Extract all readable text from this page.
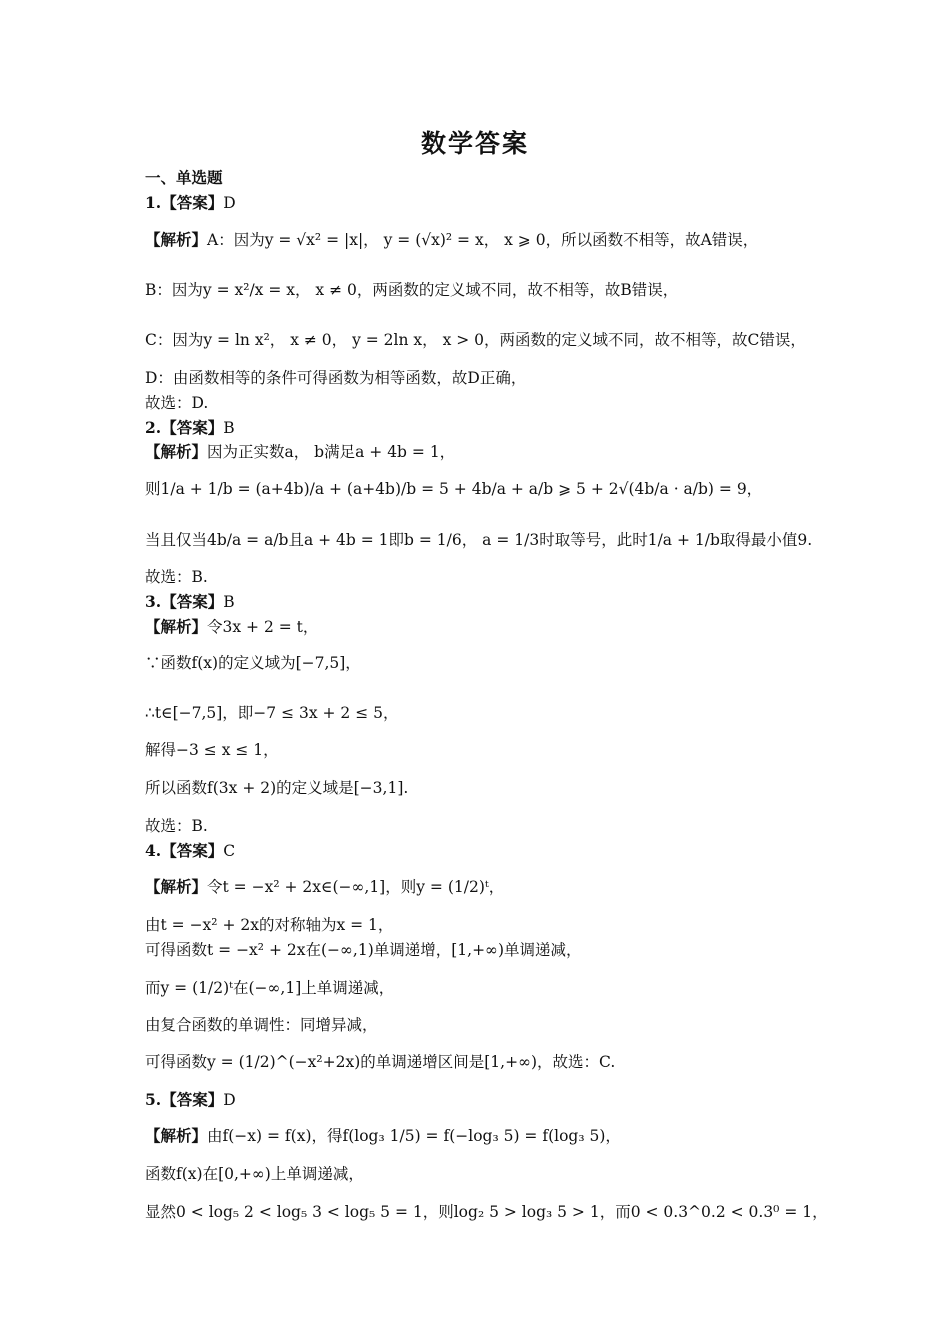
数学答案
一、单选题
1.【答案】D
【解析】A：因为y = √x² = |x|， y = (√x)² = x， x ⩾ 0，所以函数不相等，故A错误，
B：因为y = x²/x = x， x ≠ 0，两函数的定义域不同，故不相等，故B错误，
C：因为y = ln x²， x ≠ 0， y = 2ln x， x > 0，两函数的定义域不同，故不相等，故C错误，
D：由函数相等的条件可得函数为相等函数，故D正确，
故选：D.
2.【答案】B
【解析】因为正实数a， b满足a + 4b = 1，
则1/a + 1/b = (a+4b)/a + (a+4b)/b = 5 + 4b/a + a/b ⩾ 5 + 2√(4b/a · a/b) = 9，
当且仅当4b/a = a/b且a + 4b = 1即b = 1/6， a = 1/3时取等号，此时1/a + 1/b取得最小值9.
故选：B.
3.【答案】B
【解析】令3x + 2 = t，
∵函数f(x)的定义域为[−7,5]，
∴t∈[−7,5]，即−7 ≤ 3x + 2 ≤ 5，
解得−3 ≤ x ≤ 1，
所以函数f(3x + 2)的定义域是[−3,1].
故选：B.
4.【答案】C
【解析】令t = −x² + 2x∈(−∞,1]，则y = (1/2)ᵗ，
由t = −x² + 2x的对称轴为x = 1，
可得函数t = −x² + 2x在(−∞,1)单调递增，[1,+∞)单调递减，
而y = (1/2)ᵗ在(−∞,1]上单调递减，
由复合函数的单调性：同增异减，
可得函数y = (1/2)^(−x²+2x)的单调递增区间是[1,+∞)，故选：C.
5.【答案】D
【解析】由f(−x) = f(x)，得f(log₃ 1/5) = f(−log₃ 5) = f(log₃ 5)，
函数f(x)在[0,+∞)上单调递减，
显然0 < log₅ 2 < log₅ 3 < log₅ 5 = 1，则log₂ 5 > log₃ 5 > 1，而0 < 0.3^0.2 < 0.3⁰ = 1，
